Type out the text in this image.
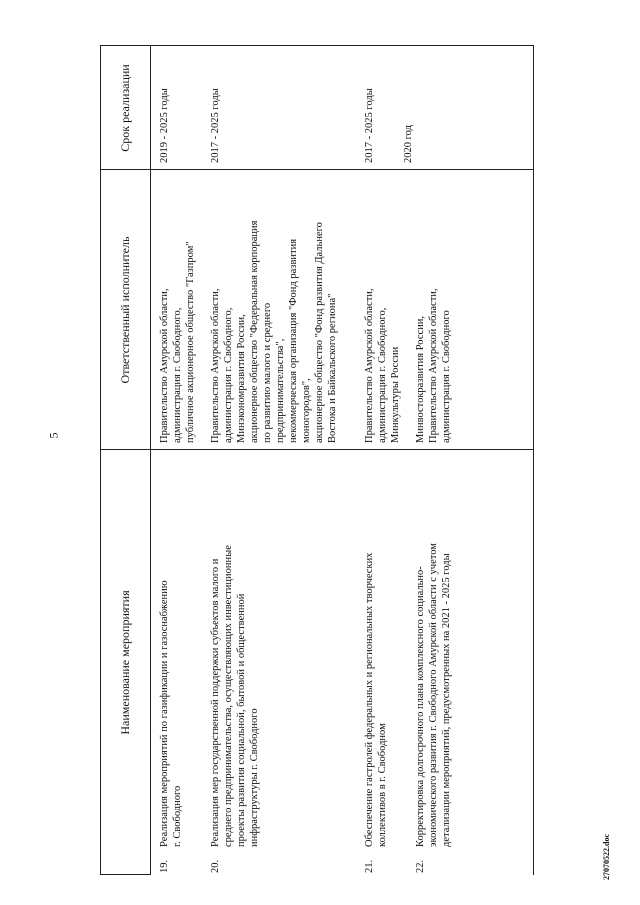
5
Наименование мероприятия
Ответственный исполнитель
Срок реализации
19.
Реализация мероприятий по газификации и газоснабжению г. Свободного
Правительство Амурской области, администрация г. Свободного, публичное акционерное общество "Газпром"
2019 - 2025 годы
20.
Реализация мер государственной поддержки субъектов малого и среднего предпринимательства, осуществляющих инвестиционные проекты развития социальной, бытовой и общественной инфраструктуры г. Свободного
Правительство Амурской области, администрация г. Свободного, Минэкономразвития России, акционерное общество "Федеральная корпорация по развитию малого и среднего предпринимательства", некоммерческая организация "Фонд развития моногородов", акционерное общество "Фонд развития Дальнего Востока и Байкальского региона"
2017 - 2025 годы
21.
Обеспечение гастролей федеральных и региональных творческих коллективов в г. Свободном
Правительство Амурской области, администрация г. Свободного, Минкультуры России
2017 - 2025 годы
22.
Корректировка долгосрочного плана комплексного социально- экономического развития г. Свободного Амурской области с учетом детализации мероприятий, предусмотренных на 2021 - 2025 годы
Минвостокразвития России, Правительство Амурской области, администрация г. Свободного
2020 год
27070522.doc
